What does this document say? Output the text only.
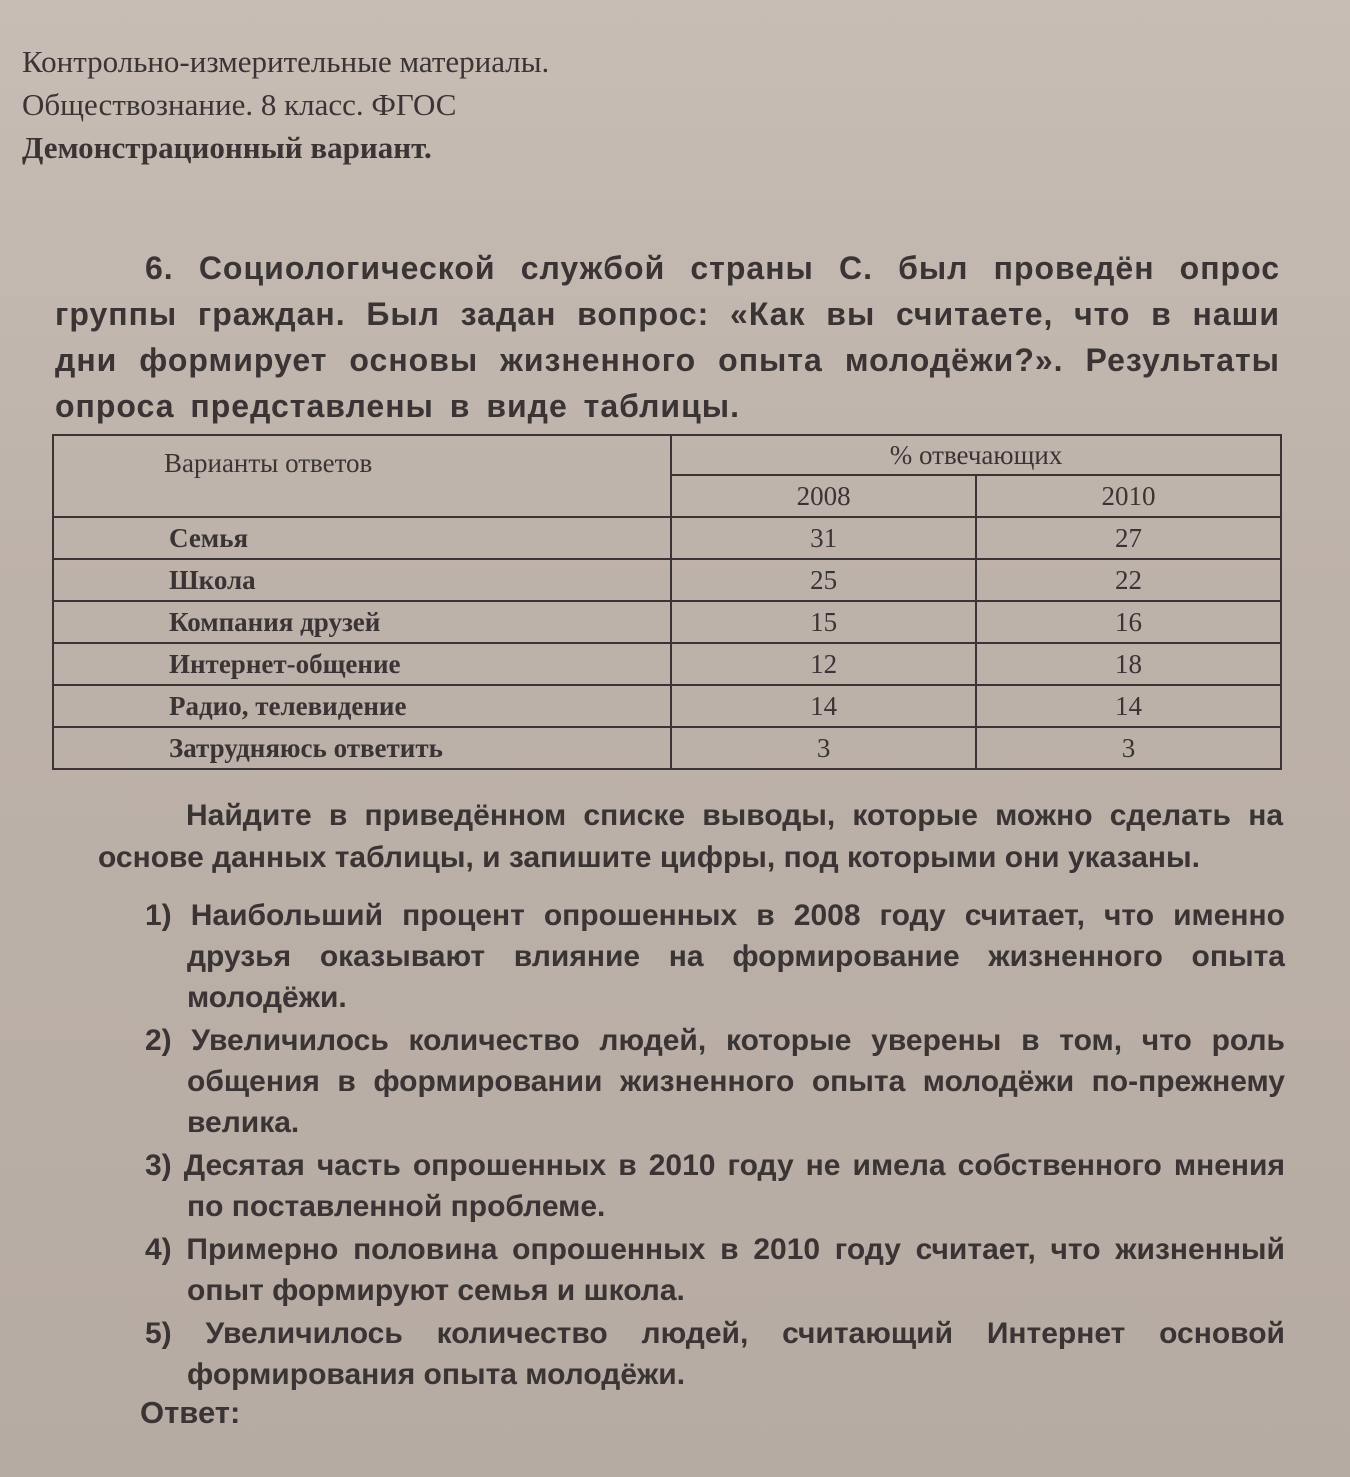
Контрольно-измерительные материалы.
Обществознание. 8 класс. ФГОС
Демонстрационный вариант.
6. Социологической службой страны С. был проведён опрос группы граждан. Был задан вопрос: «Как вы считаете, что в наши дни формирует основы жизненного опыта молодёжи?». Результаты опроса представлены в виде таблицы.
Варианты ответов	% отвечающих	
	2008	2010
Семья	31	27
Школа	25	22
Компания друзей	15	16
Интернет-общение	12	18
Радио, телевидение	14	14
Затрудняюсь ответить	3	3
Найдите в приведённом списке выводы, которые можно сделать на основе данных таблицы, и запишите цифры, под которыми они указаны.
1) Наибольший процент опрошенных в 2008 году считает, что именно друзья оказывают влияние на формирование жизненного опыта молодёжи.
2) Увеличилось количество людей, которые уверены в том, что роль общения в формировании жизненного опыта молодёжи по-прежнему велика.
3) Десятая часть опрошенных в 2010 году не имела собственного мнения по поставленной проблеме.
4) Примерно половина опрошенных в 2010 году считает, что жизненный опыт формируют семья и школа.
5) Увеличилось количество людей, считающий Интернет основой формирования опыта молодёжи.
Ответ:
